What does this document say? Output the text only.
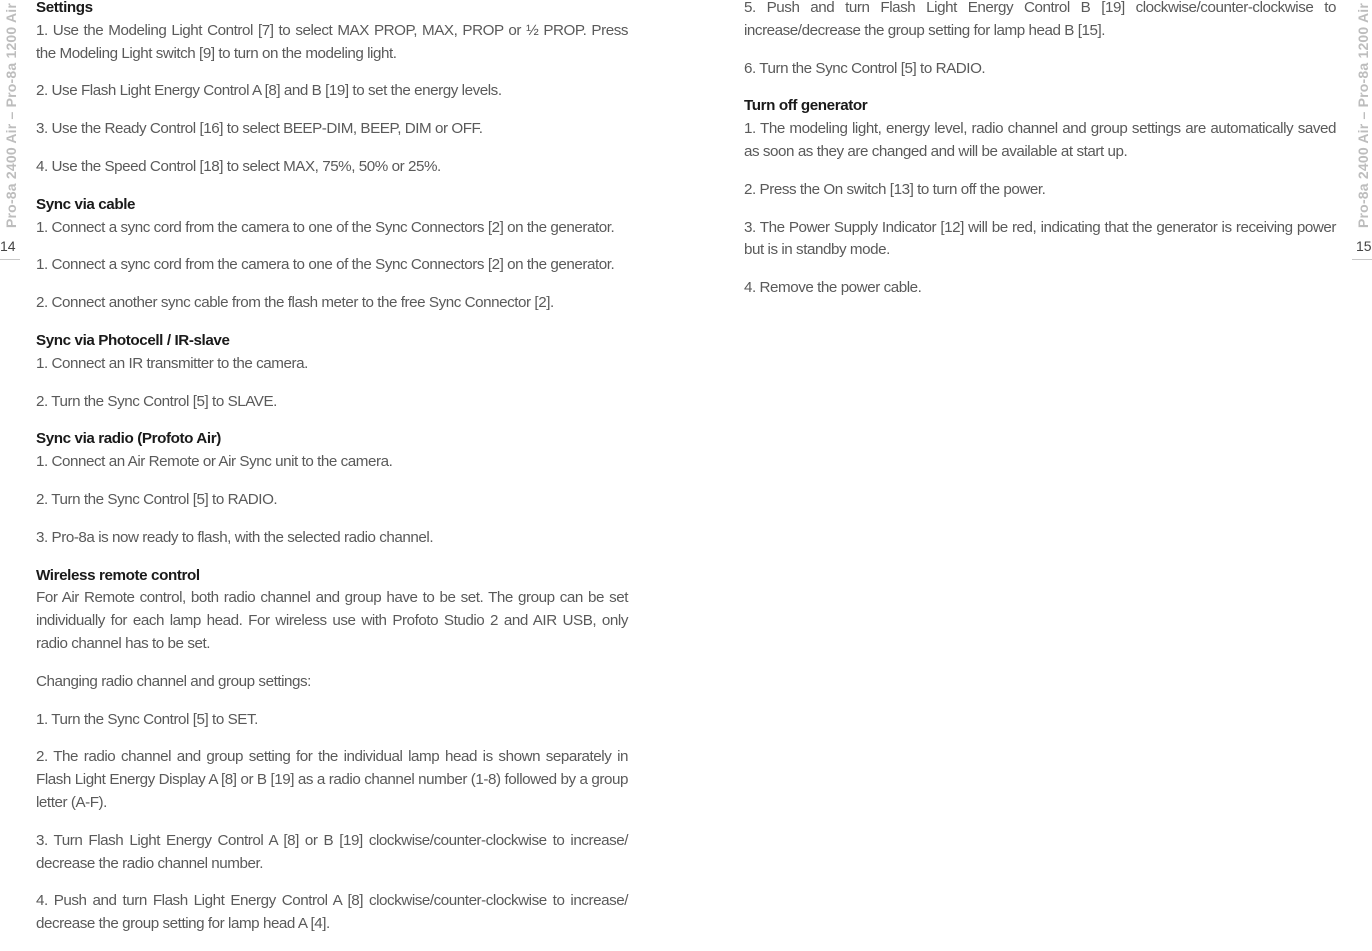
Pro-8a 2400 Air – Pro-8a 1200 Air	Pro-8a 2400 Air – Pro-8a 1200 Air
14	15
Settings

1. Use the Modeling Light Control [7] to select MAX PROP, MAX, PROP or ½ PROP. Press the Modeling Light switch [9] to turn on the modeling light.

2. Use Flash Light Energy Control A [8] and B [19] to set the energy levels.

3. Use the Ready Control [16] to select BEEP-DIM, BEEP, DIM or OFF.

4. Use the Speed Control [18] to select MAX, 75%, 50% or 25%.

Sync via cable

1. Connect a sync cord from the camera to one of the Sync Connectors [2] on the generator.

1. Connect a sync cord from the camera to one of the Sync Connectors [2] on the generator.

2. Connect another sync cable from the flash meter to the free Sync Connector [2].

Sync via Photocell / IR-slave

1. Connect an IR transmitter to the camera.

2. Turn the Sync Control [5] to SLAVE.

Sync via radio (Profoto Air)

1. Connect an Air Remote or Air Sync unit to the camera.

2. Turn the Sync Control [5] to RADIO.

3. Pro-8a is now ready to flash, with the selected radio channel.

Wireless remote control

For Air Remote control, both radio channel and group have to be set. The group can be set individually for each lamp head. For wireless use with Profoto Studio 2 and AIR USB, only radio channel has to be set.

Changing radio channel and group settings:

1. Turn the Sync Control [5] to SET.

2. The radio channel and group setting for the individual lamp head is shown separately in Flash Light Energy Display A [8] or B [19] as a radio channel number (1-8) followed by a group letter (A-F).

3. Turn Flash Light Energy Control A [8] or B [19] clockwise/counter-clockwise to increase/ decrease the radio channel number.

4. Push and turn Flash Light Energy Control A [8] clockwise/counter-clockwise to increase/ decrease the group setting for lamp head A [4].

5. Push and turn Flash Light Energy Control B [19] clockwise/counter-clockwise to increase/decrease the group setting for lamp head B [15].

6. Turn the Sync Control [5] to RADIO.

Turn off generator

1. The modeling light, energy level, radio channel and group settings are automatically saved as soon as they are changed and will be available at start up.

2. Press the On switch [13] to turn off the power.

3. The Power Supply Indicator [12] will be red, indicating that the generator is receiving power but is in standby mode.

4. Remove the power cable.
